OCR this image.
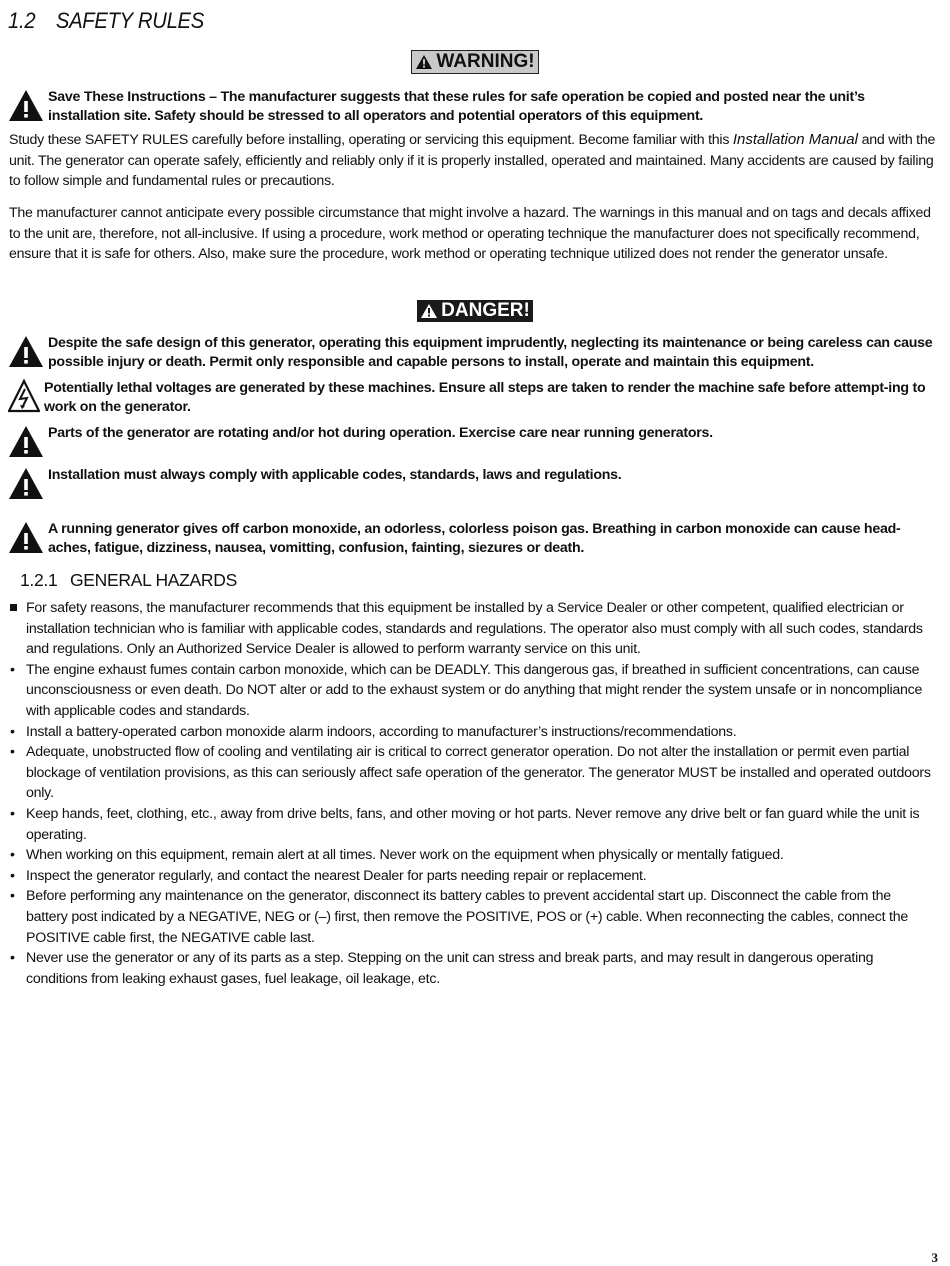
1.2 SAFETY RULES
WARNING!
Save These Instructions – The manufacturer suggests that these rules for safe operation be copied and posted near the unit’s installation site. Safety should be stressed to all operators and potential operators of this equipment.
Study these SAFETY RULES carefully before installing, operating or servicing this equipment. Become familiar with this Installation Manual and with the unit. The generator can operate safely, efficiently and reliably only if it is properly installed, operated and maintained. Many accidents are caused by failing to follow simple and fundamental rules or precautions.
The manufacturer cannot anticipate every possible circumstance that might involve a hazard. The warnings in this manual and on tags and decals affixed to the unit are, therefore, not all-inclusive. If using a procedure, work method or operating technique the manufacturer does not specifically recommend, ensure that it is safe for others. Also, make sure the procedure, work method or operating technique utilized does not render the generator unsafe.
DANGER!
Despite the safe design of this generator, operating this equipment imprudently, neglecting its maintenance or being careless can cause possible injury or death. Permit only responsible and capable persons to install, operate and maintain this equipment.
Potentially lethal voltages are generated by these machines. Ensure all steps are taken to render the machine safe before attempt-ing to work on the generator.
Parts of the generator are rotating and/or hot during operation. Exercise care near running generators.
Installation must always comply with applicable codes, standards, laws and regulations.
A running generator gives off carbon monoxide, an odorless, colorless poison gas. Breathing in carbon monoxide can cause head-aches, fatigue, dizziness, nausea, vomitting, confusion, fainting, siezures or death.
1.2.1 GENERAL HAZARDS
For safety reasons, the manufacturer recommends that this equipment be installed by a Service Dealer or other competent, qualified electrician or installation technician who is familiar with applicable codes, standards and regulations. The operator also must comply with all such codes, standards and regulations. Only an Authorized Service Dealer is allowed to perform warranty service on this unit.
• The engine exhaust fumes contain carbon monoxide, which can be DEADLY. This dangerous gas, if breathed in sufficient concentrations, can cause unconsciousness or even death. Do NOT alter or add to the exhaust system or do anything that might render the system unsafe or in noncompliance with applicable codes and standards.
• Install a battery-operated carbon monoxide alarm indoors, according to manufacturer’s instructions/recommendations.
• Adequate, unobstructed flow of cooling and ventilating air is critical to correct generator operation. Do not alter the installation or permit even partial blockage of ventilation provisions, as this can seriously affect safe operation of the generator. The generator MUST be installed and operated outdoors only.
• Keep hands, feet, clothing, etc., away from drive belts, fans, and other moving or hot parts. Never remove any drive belt or fan guard while the unit is operating.
• When working on this equipment, remain alert at all times. Never work on the equipment when physically or mentally fatigued.
• Inspect the generator regularly, and contact the nearest Dealer for parts needing repair or replacement.
• Before performing any maintenance on the generator, disconnect its battery cables to prevent accidental start up. Disconnect the cable from the battery post indicated by a NEGATIVE, NEG or (–) first, then remove the POSITIVE, POS or (+) cable. When reconnecting the cables, connect the POSITIVE cable first, the NEGATIVE cable last.
• Never use the generator or any of its parts as a step. Stepping on the unit can stress and break parts, and may result in dangerous operating conditions from leaking exhaust gases, fuel leakage, oil leakage, etc.
3
